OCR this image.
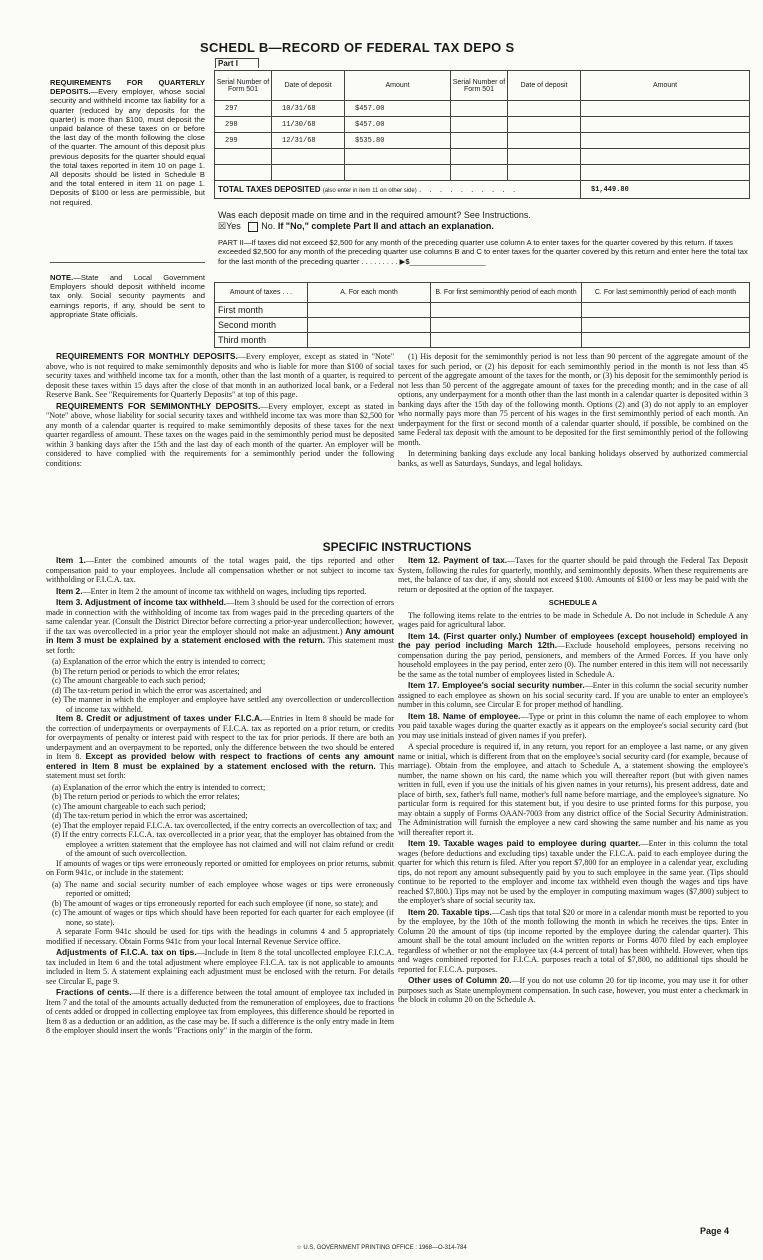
SCHEDL B—RECORD OF FEDERAL TAX DEPO S
REQUIREMENTS FOR QUARTERLY DEPOSITS.—Every employer, whose social security and withheld income tax liability for a quarter (reduced by any deposits for the quarter) is more than $100, must deposit the unpaid balance of these taxes on or before the last day of the month following the close of the quarter. The amount of this deposit plus previous deposits for the quarter should equal the total taxes reported in item 10 on page 1. All deposits should be listed in Schedule B and the total entered in item 11 on page 1. Deposits of $100 or less are permissible, but not required.
NOTE.—State and Local Government Employers should deposit withheld income tax only. Social security payments and earnings reports, if any, should be sent to appropriate State officials.
Part I
Serial Number of Form 501	Date of deposit	Amount	Serial Number of Form 501	Date of deposit	Amount
297	10/31/68	$457.00			
298	11/30/68	$457.00			
299	12/31/68	$535.80			

TOTAL TAXES DEPOSITED (also enter in item 11 on other side) . . . . . . . . . .					$1,449.80
Was each deposit made on time and in the required amount? See Instructions.
☒Yes No. If "No," complete Part II and attach an explanation.
PART II—If taxes did not exceed $2,500 for any month of the preceding quarter use column A to enter taxes for the quarter covered by this return. If taxes exceeded $2,500 for any month of the preceding quarter use columns B and C to enter taxes for the quarter covered by this return and enter here the total tax for the last month of the preceding quarter . . . . . . . . . ▶$__________________
Amount of taxes . . .	A. For each month	B. For first semimonthly period of each month	C. For last semimonthly period of each month
First month			
Second month			
Third month			

REQUIREMENTS FOR MONTHLY DEPOSITS.—Every employer, except as stated in "Note" above, who is not required to make semimonthly deposits and who is liable for more than $100 of social security taxes and withheld income tax for a month, other than the last month of a quarter, is required to deposit these taxes within 15 days after the close of that month in an authorized local bank, or a Federal Reserve Bank. See "Requirements for Quarterly Deposits" at top of this page.

REQUIREMENTS FOR SEMIMONTHLY DEPOSITS.—Every employer, except as stated in "Note" above, whose liability for social security taxes and withheld income tax was more than $2,500 for any month of a calendar quarter is required to make semimonthly deposits of these taxes for the next quarter regardless of amount. These taxes on the wages paid in the semimonthly period must be deposited within 3 banking days after the 15th and the last day of each month of the quarter. An employer will be considered to have complied with the requirements for a semimonthly period under the following conditions:

(1) His deposit for the semimonthly period is not less than 90 percent of the aggregate amount of the taxes for such period, or (2) his deposit for each semimonthly period in the month is not less than 45 percent of the aggregate amount of the taxes for the month, or (3) his deposit for the semimonthly period is not less than 50 percent of the aggregate amount of taxes for the preceding month; and in the case of all options, any underpayment for a month other than the last month in a calendar quarter is deposited within 3 banking days after the 15th day of the following month. Options (2) and (3) do not apply to an employer who normally pays more than 75 percent of his wages in the first semimonthly period of each month. An underpayment for the first or second month of a calendar quarter should, if possible, be combined on the same Federal tax deposit with the amount to be deposited for the first semimonthly period of the following month.

In determining banking days exclude any local banking holidays observed by authorized commercial banks, as well as Saturdays, Sundays, and legal holidays.

SPECIFIC INSTRUCTIONS

Item 1.—Enter the combined amounts of the total wages paid, the tips reported and other compensation paid to your employees. Include all compensation whether or not subject to income tax withholding or F.I.C.A. tax.

Item 2.—Enter in Item 2 the amount of income tax withheld on wages, including tips reported.

Item 3. Adjustment of income tax withheld.—Item 3 should be used for the correction of errors made in connection with the withholding of income tax from wages paid in the preceding quarters of the same calendar year. (Consult the District Director before correcting a prior-year undercollection; however, if the tax was overcollected in a prior year the employer should not make an adjustment.) Any amount in Item 3 must be explained by a statement enclosed with the return. This statement must set forth:

(a) Explanation of the error which the entry is intended to correct;
(b) The return period or periods to which the error relates;
(c) The amount chargeable to each such period;
(d) The tax-return period in which the error was ascertained; and
(e) The manner in which the employer and employee have settled any overcollection or undercollection of income tax withheld.

Item 8. Credit or adjustment of taxes under F.I.C.A.—Entries in Item 8 should be made for the correction of underpayments or overpayments of F.I.C.A. tax as reported on a prior return, or credits for overpayments of penalty or interest paid with respect to the tax for prior periods. If there are both an underpayment and an overpayment to be reported, only the difference between the two should be entered in Item 8. Except as provided below with respect to fractions of cents any amount entered in Item 8 must be explained by a statement enclosed with the return. This statement must set forth:

(a) Explanation of the error which the entry is intended to correct;
(b) The return period or periods to which the error relates;
(c) The amount chargeable to each such period;
(d) The tax-return period in which the error was ascertained;
(e) That the employer repaid F.I.C.A. tax overcollected, if the entry corrects an overcollection of tax; and
(f) If the entry corrects F.I.C.A. tax overcollected in a prior year, that the employer has obtained from the employee a written statement that the employee has not claimed and will not claim refund or credit of the amount of such overcollection.

If amounts of wages or tips were erroneously reported or omitted for employees on prior returns, submit on Form 941c, or include in the statement:

(a) The name and social security number of each employee whose wages or tips were erroneously reported or omitted;
(b) The amount of wages or tips erroneously reported for each such employee (if none, so state); and
(c) The amount of wages or tips which should have been reported for each quarter for each employee (if none, so state).

A separate Form 941c should be used for tips with the headings in columns 4 and 5 appropriately modified if necessary. Obtain Forms 941c from your local Internal Revenue Service office.

Adjustments of F.I.C.A. tax on tips.—Include in Item 8 the total uncollected employee F.I.C.A. tax included in Item 6 and the total adjustment where employee F.I.C.A. tax is not applicable to amounts included in Item 5. A statement explaining each adjustment must be enclosed with the return. For details see Circular E, page 9.

Fractions of cents.—If there is a difference between the total amount of employee tax included in Item 7 and the total of the amounts actually deducted from the remuneration of employees, due to fractions of cents added or dropped in collecting employee tax from employees, this difference should be reported in Item 8 as a deduction or an addition, as the case may be. If such a difference is the only entry made in Item 8 the employer should insert the words "Fractions only" in the margin of the form.

Item 12. Payment of tax.—Taxes for the quarter should be paid through the Federal Tax Deposit System, following the rules for quarterly, monthly, and semimonthly deposits. When these requirements are met, the balance of tax due, if any, should not exceed $100. Amounts of $100 or less may be paid with the return or deposited at the option of the taxpayer.

SCHEDULE A

The following items relate to the entries to be made in Schedule A. Do not include in Schedule A any wages paid for agricultural labor.

Item 14. (First quarter only.) Number of employees (except household) employed in the pay period including March 12th.—Exclude household employees, persons receiving no compensation during the pay period, pensioners, and members of the Armed Forces. If you have only household employees in the pay period, enter zero (0). The number entered in this item will not necessarily be the same as the total number of employees listed in Schedule A.

Item 17. Employee's social security number.—Enter in this column the social security number assigned to each employee as shown on his social security card. If you are unable to enter an employee's number in this column, see Circular E for proper method of handling.

Item 18. Name of employee.—Type or print in this column the name of each employee to whom you paid taxable wages during the quarter exactly as it appears on the employee's social security card (but you may use initials instead of given names if you prefer).

A special procedure is required if, in any return, you report for an employee a last name, or any given name or initial, which is different from that on the employee's social security card (for example, because of marriage). Obtain from the employee, and attach to Schedule A, a statement showing the employee's number, the name shown on his card, the name which you will thereafter report (but with given names written in full, even if you use the initials of his given names in your returns), his present address, date and place of birth, sex, father's full name, mother's full name before marriage, and the employee's signature. No particular form is required for this statement but, if you desire to use printed forms for this purpose, you may obtain a supply of Forms OAAN-7003 from any district office of the Social Security Administration. The Administration will furnish the employee a new card showing the same number and his name as you will thereafter report it.

Item 19. Taxable wages paid to employee during quarter.—Enter in this column the total wages (before deductions and excluding tips) taxable under the F.I.C.A. paid to each employee during the quarter for which this return is filed. After you report $7,800 for an employee in a calendar year, excluding tips, do not report any amount subsequently paid by you to such employee in the same year. (Tips should continue to be reported to the employer and income tax withheld even though the wages and tips have reached $7,800.) Tips may not be used by the employer in computing maximum wages ($7,800) subject to the employer's share of social security tax.

Item 20. Taxable tips.—Cash tips that total $20 or more in a calendar month must be reported to you by the employee, by the 10th of the month following the month in which he receives the tips. Enter in Column 20 the amount of tips (tip income reported by the employee during the calendar quarter). This amount shall be the total amount included on the written reports or Forms 4070 filed by each employee regardless of whether or not the employee tax (4.4 percent of total) has been withheld. However, when tips and wages combined reported for F.I.C.A. purposes reach a total of $7,800, no additional tips should be reported for F.I.C.A. purposes.

Other uses of Column 20.—If you do not use column 20 for tip income, you may use it for other purposes such as State unemployment compensation. In such case, however, you must enter a checkmark in the block in column 20 on the Schedule A.

Page 4
☆ U.S. GOVERNMENT PRINTING OFFICE : 1968—O-314-784
